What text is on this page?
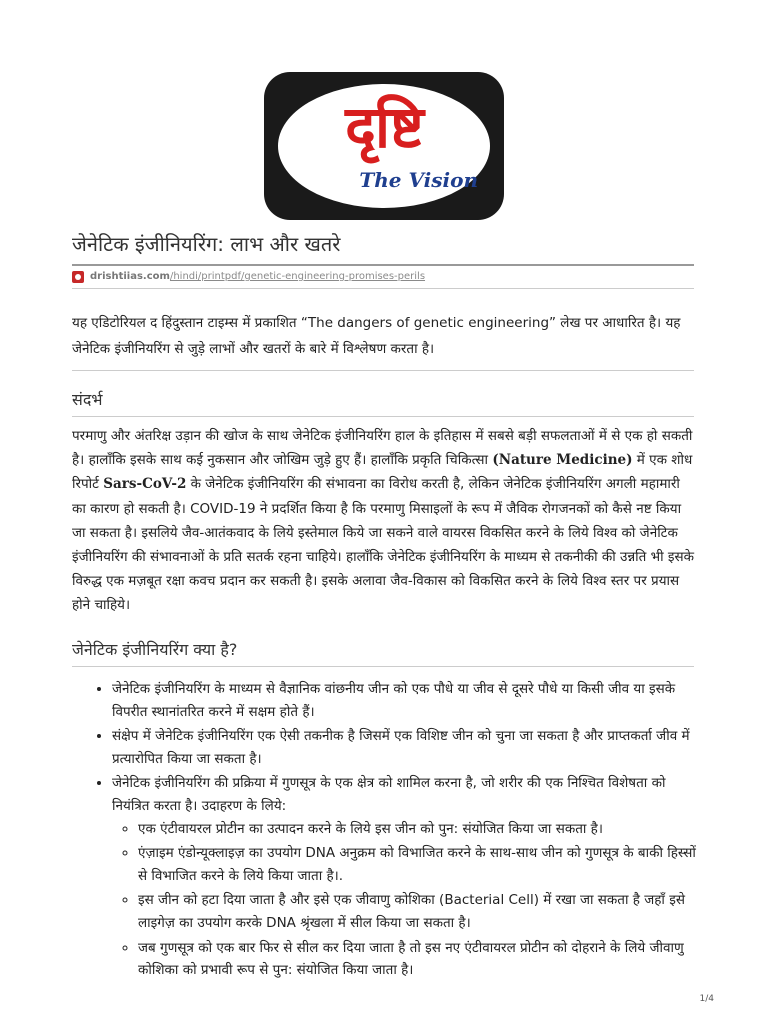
दृष्टि
The Vision
जेनेटिक इंजीनियरिंग: लाभ और खतरे
drishtiias.com /hindi/printpdf/genetic-engineering-promises-perils
यह एडिटोरियल द हिंदुस्तान टाइम्स में प्रकाशित “The dangers of genetic engineering” लेख पर आधारित है। यह जेनेटिक इंजीनियरिंग से जुड़े लाभों और खतरों के बारे में विश्लेषण करता है।
संदर्भ
परमाणु और अंतरिक्ष उड़ान की खोज के साथ जेनेटिक इंजीनियरिंग हाल के इतिहास में सबसे बड़ी सफलताओं में से एक हो सकती है। हालाँकि इसके साथ कई नुकसान और जोखिम जुड़े हुए हैं। हालाँकि प्रकृति चिकित्सा (Nature Medicine) में एक शोध रिपोर्ट Sars-CoV-2 के जेनेटिक इंजीनियरिंग की संभावना का विरोध करती है, लेकिन जेनेटिक इंजीनियरिंग अगली महामारी का कारण हो सकती है। COVID-19 ने प्रदर्शित किया है कि परमाणु मिसाइलों के रूप में जैविक रोगजनकों को कैसे नष्ट किया जा सकता है। इसलिये जैव-आतंकवाद के लिये इस्तेमाल किये जा सकने वाले वायरस विकसित करने के लिये विश्व को जेनेटिक इंजीनियरिंग की संभावनाओं के प्रति सतर्क रहना चाहिये। हालाँकि जेनेटिक इंजीनियरिंग के माध्यम से तकनीकी की उन्नति भी इसके विरुद्ध एक मज़बूत रक्षा कवच प्रदान कर सकती है। इसके अलावा जैव-विकास को विकसित करने के लिये विश्व स्तर पर प्रयास होने चाहिये।
जेनेटिक इंजीनियरिंग क्या है?
• जेनेटिक इंजीनियरिंग के माध्यम से वैज्ञानिक वांछनीय जीन को एक पौधे या जीव से दूसरे पौधे या किसी जीव या इसके विपरीत स्थानांतरित करने में सक्षम होते हैं।
• संक्षेप में जेनेटिक इंजीनियरिंग एक ऐसी तकनीक है जिसमें एक विशिष्ट जीन को चुना जा सकता है और प्राप्तकर्ता जीव में प्रत्यारोपित किया जा सकता है।
• जेनेटिक इंजीनियरिंग की प्रक्रिया में गुणसूत्र के एक क्षेत्र को शामिल करना है, जो शरीर की एक निश्चित विशेषता को नियंत्रित करता है। उदाहरण के लिये:
◦ एक एंटीवायरल प्रोटीन का उत्पादन करने के लिये इस जीन को पुन: संयोजित किया जा सकता है।
◦ एंज़ाइम एंडोन्यूक्लाइज़ का उपयोग DNA अनुक्रम को विभाजित करने के साथ-साथ जीन को गुणसूत्र के बाकी हिस्सों से विभाजित करने के लिये किया जाता है।.
◦ इस जीन को हटा दिया जाता है और इसे एक जीवाणु कोशिका (Bacterial Cell) में रखा जा सकता है जहाँ इसे लाइगेज़ का उपयोग करके DNA श्रृंखला में सील किया जा सकता है।
◦ जब गुणसूत्र को एक बार फिर से सील कर दिया जाता है तो इस नए एंटीवायरल प्रोटीन को दोहराने के लिये जीवाणु कोशिका को प्रभावी रूप से पुन: संयोजित किया जाता है।
1/4
